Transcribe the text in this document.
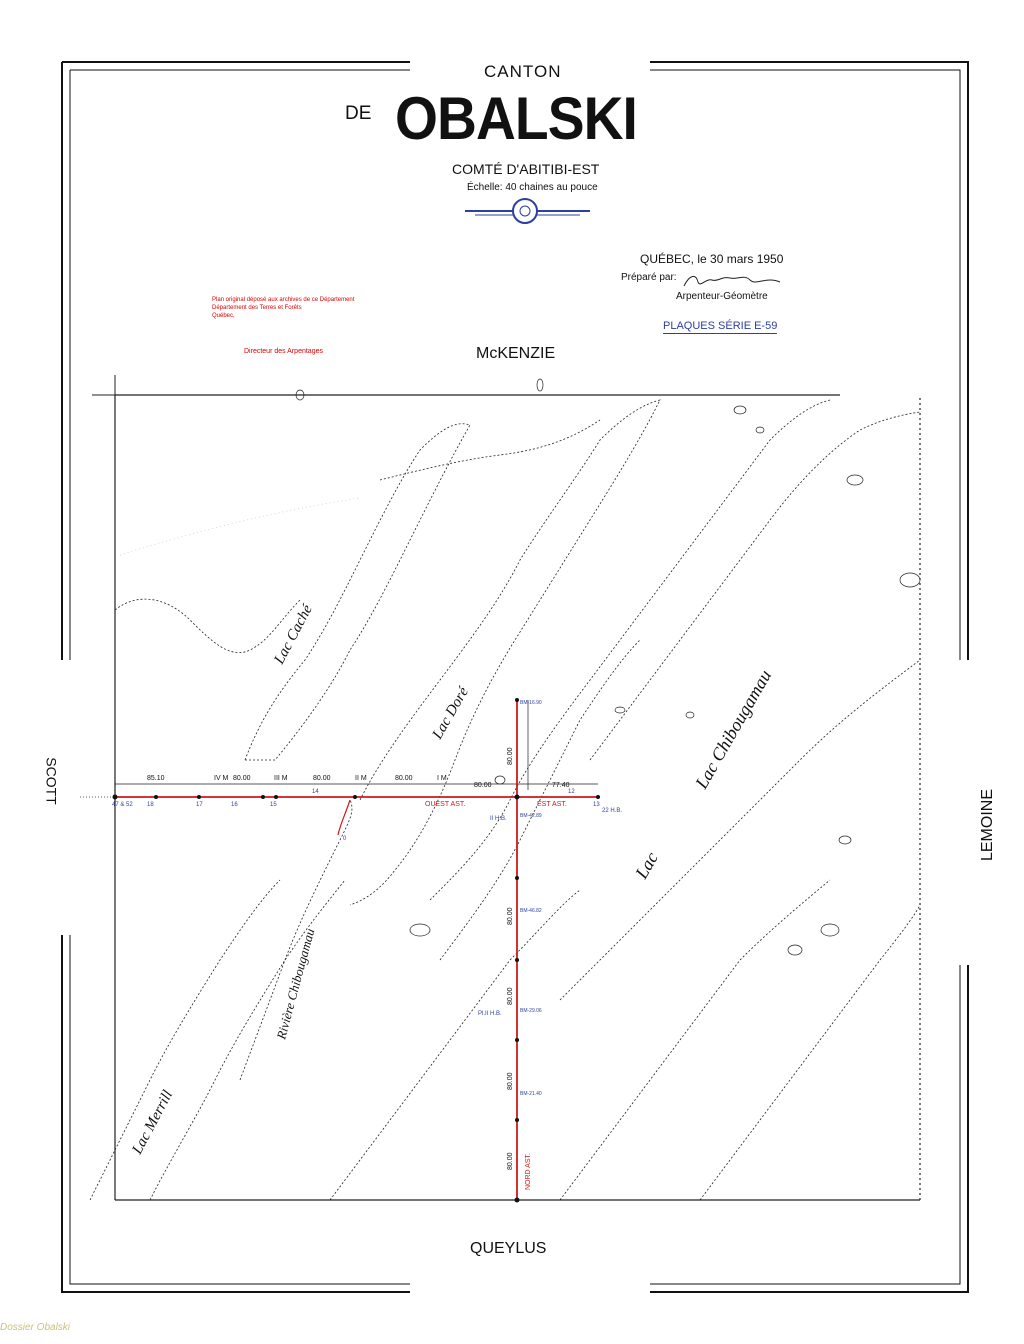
Lac Caché
Lac Doré	Lac Chibougamau
Lac
Lac Merrill
Rivière Chibougamau
OUEST AST.	EST AST.
NORD AST.
85.10	80.00	80.00	80.00
80.00	77.40
80.00
80.00
80.00
80.00
80.00
IV M	III M	II M	I M
BM-16.90
BM-42.89
BM-46.82
BM-29.06
BM-21.40
22 H.B.
Pl.II H.B.
II H.B.
47 & 52 18	17	16	15
14
13
12
0
CANTON
DE OBALSKI
COMTÉ D'ABITIBI-EST
Échelle: 40 chaines au pouce
QUÉBEC, le 30 mars 1950
Préparé par:
Arpenteur-Géomètre
PLAQUES SÉRIE E-59
Plan original déposé aux archives de ce Département
Département des Terres et Forêts
Québec,
Directeur des Arpentages	McKENZIE
QUEYLUS
LEMOINE
SCOTT
Dossier Obalski
